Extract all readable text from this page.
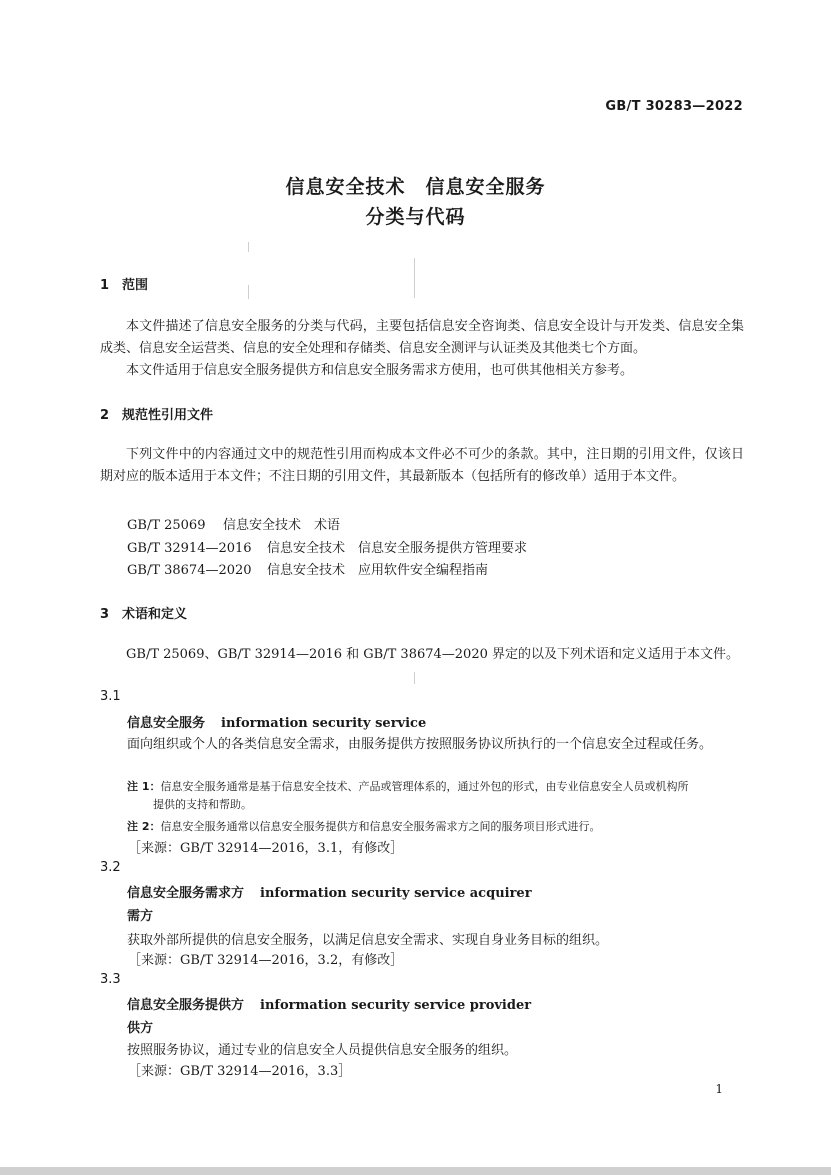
GB/T 30283—2022
信息安全技术　信息安全服务
分类与代码
1 范围

本文件描述了信息安全服务的分类与代码，主要包括信息安全咨询类、信息安全设计与开发类、信息安全集成类、信息安全运营类、信息的安全处理和存储类、信息安全测评与认证类及其他类七个方面。

本文件适用于信息安全服务提供方和信息安全服务需求方使用，也可供其他相关方参考。

2 规范性引用文件

下列文件中的内容通过文中的规范性引用而构成本文件必不可少的条款。其中，注日期的引用文件，仅该日期对应的版本适用于本文件；不注日期的引用文件，其最新版本（包括所有的修改单）适用于本文件。

GB/T 25069 信息安全技术　术语
GB/T 32914—2016 信息安全技术　信息安全服务提供方管理要求
GB/T 38674—2020 信息安全技术　应用软件安全编程指南
3 术语和定义

GB/T 25069、GB/T 32914—2016 和 GB/T 38674—2020 界定的以及下列术语和定义适用于本文件。

3.1
信息安全服务 information security service

面向组织或个人的各类信息安全需求，由服务提供方按照服务协议所执行的一个信息安全过程或任务。

注 1：信息安全服务通常是基于信息安全技术、产品或管理体系的，通过外包的形式，由专业信息安全人员或机构所
提供的支持和帮助。

注 2：信息安全服务通常以信息安全服务提供方和信息安全服务需求方之间的服务项目形式进行。

［来源：GB/T 32914—2016，3.1，有修改］
3.2
信息安全服务需求方 information security service acquirer
需方
获取外部所提供的信息安全服务，以满足信息安全需求、实现自身业务目标的组织。
［来源：GB/T 32914—2016，3.2，有修改］
3.3
信息安全服务提供方 information security service provider
供方
按照服务协议，通过专业的信息安全人员提供信息安全服务的组织。
［来源：GB/T 32914—2016，3.3］
1
